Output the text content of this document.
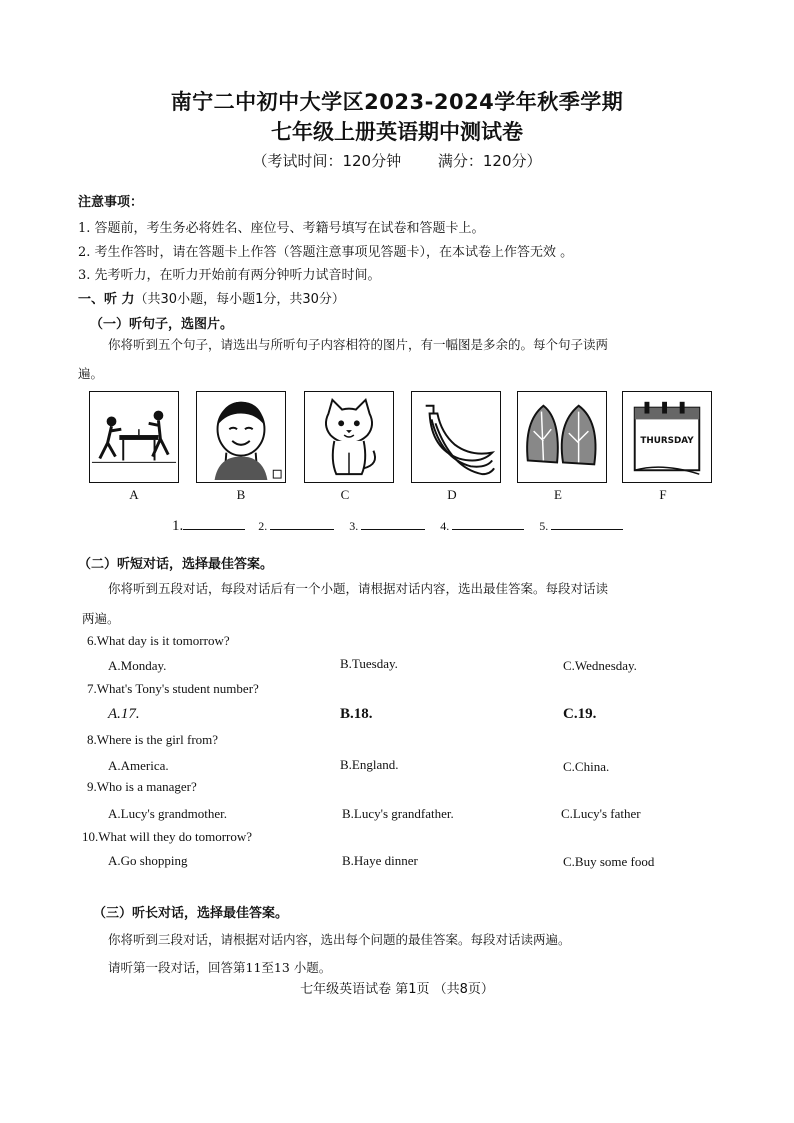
南宁二中初中大学区2023-2024学年秋季学期
七年级上册英语期中测试卷
（考试时间：120分钟 满分：120分）
注意事项：
1. 答题前，考生务必将姓名、座位号、考籍号填写在试卷和答题卡上。
2. 考生作答时，请在答题卡上作答（答题注意事项见答题卡），在本试卷上作答无效 。
3. 先考听力，在听力开始前有两分钟听力试音时间。
一、听 力（共30小题，每小题1分，共30分）
（一）听句子，选图片。
你将听到五个句子，请选出与所听句子内容相符的图片，有一幅图是多余的。每个句子读两
遍。
THURSDAY
A	B	C	D	E	F
1.	2.	3.	4.	5.
（二）听短对话，选择最佳答案。
你将听到五段对话，每段对话后有一个小题，请根据对话内容，选出最佳答案。每段对话读
两遍。
6.What day is it tomorrow?
A.Monday.	B.Tuesday.	C.Wednesday.
7.What's Tony's student number?
A.17.	B.18.	C.19.
8.Where is the girl from?
A.America.	B.England.	C.China.
9.Who is a manager?
A.Lucy's grandmother.	B.Lucy's grandfather.	C.Lucy's father
10.What will they do tomorrow?
A.Go shopping	B.Haye dinner	C.Buy some food
（三）听长对话，选择最佳答案。
你将听到三段对话，请根据对话内容，选出每个问题的最佳答案。每段对话读两遍。
请听第一段对话，回答第11至13 小题。
七年级英语试卷 第1页 （共8页）
